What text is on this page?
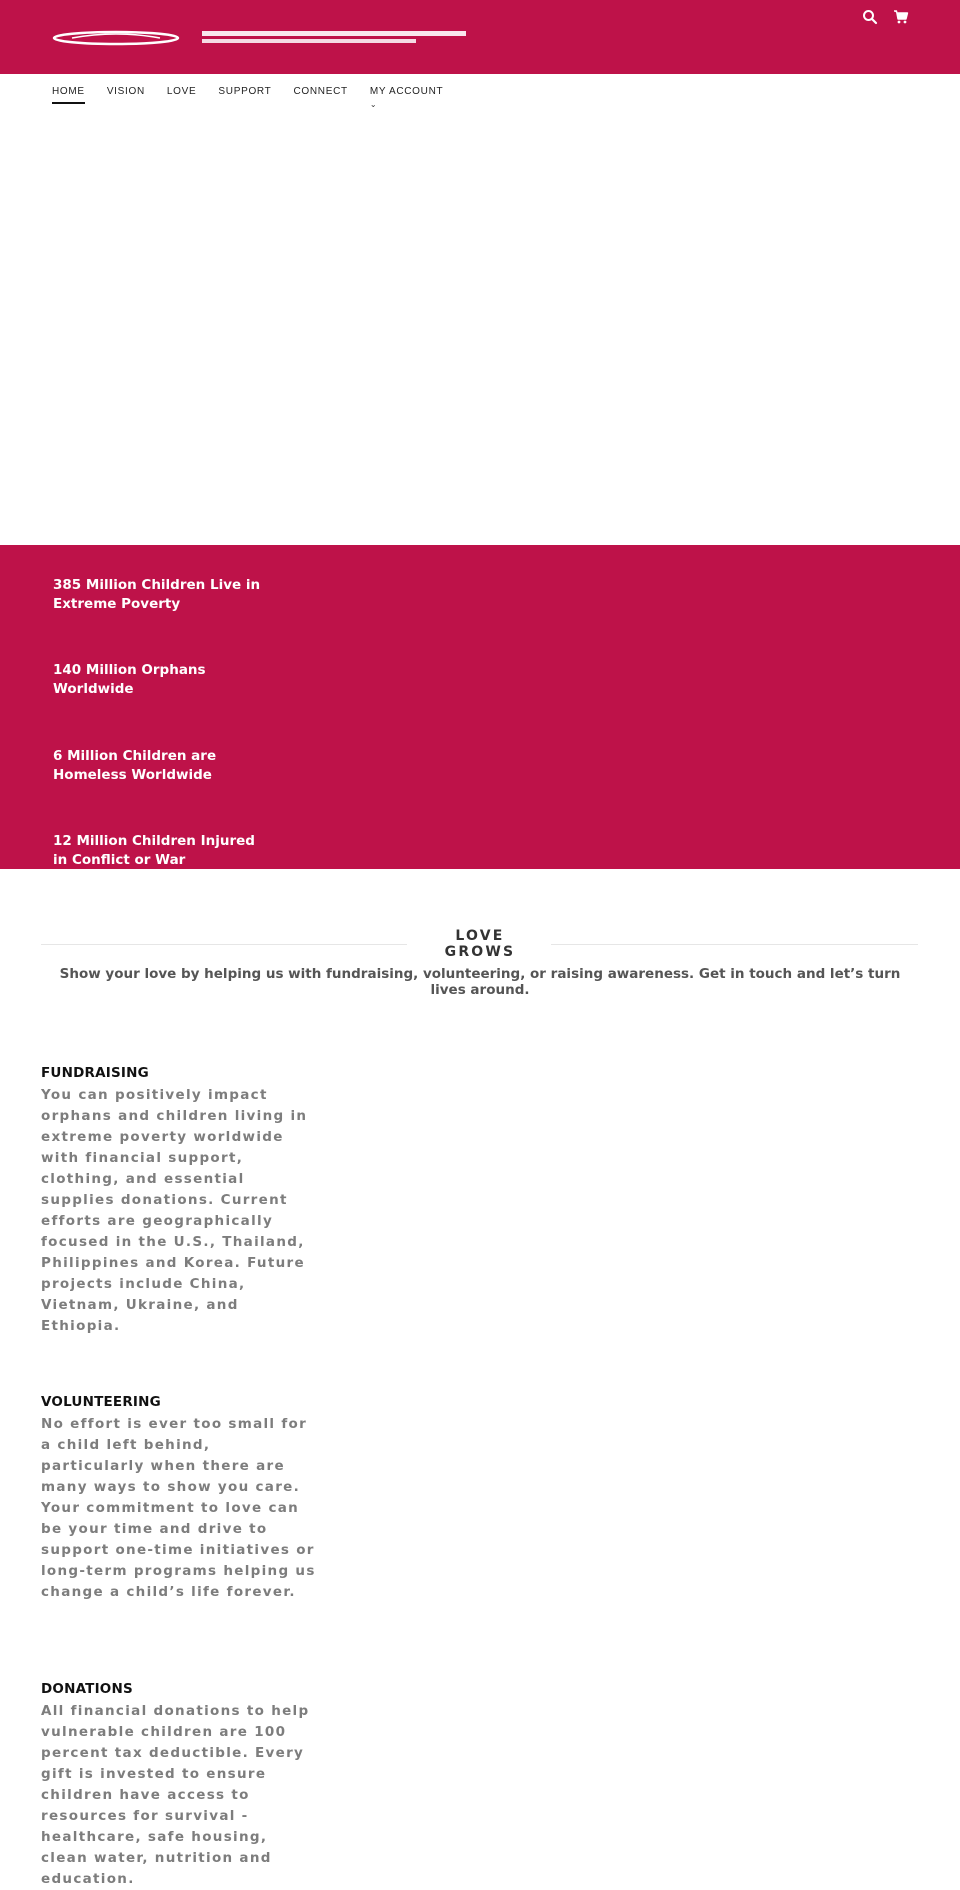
HOME VISION LOVE SUPPORT CONNECT MY ACCOUNT
⌄
385 Million Children Live in Extreme Poverty
140 Million Orphans Worldwide
6 Million Children are Homeless Worldwide
12 Million Children Injured in Conflict or War
LOVE
GROWS
Show your love by helping us with fundraising, volunteering, or raising awareness. Get in touch and let’s turn lives around.
FUNDRAISING

You can positively impact orphans and children living in extreme poverty worldwide with financial support, clothing, and essential supplies donations. Current efforts are geographically focused in the U.S., Thailand, Philippines and Korea. Future projects include China, Vietnam, Ukraine, and Ethiopia.

VOLUNTEERING

No effort is ever too small for a child left behind, particularly when there are many ways to show you care. Your commitment to love can be your time and drive to support one-time initiatives or long-term programs helping us change a child’s life forever.

DONATIONS

All financial donations to help vulnerable children are 100 percent tax deductible. Every gift is invested to ensure children have access to resources for survival - healthcare, safe housing, clean water, nutrition and education.
